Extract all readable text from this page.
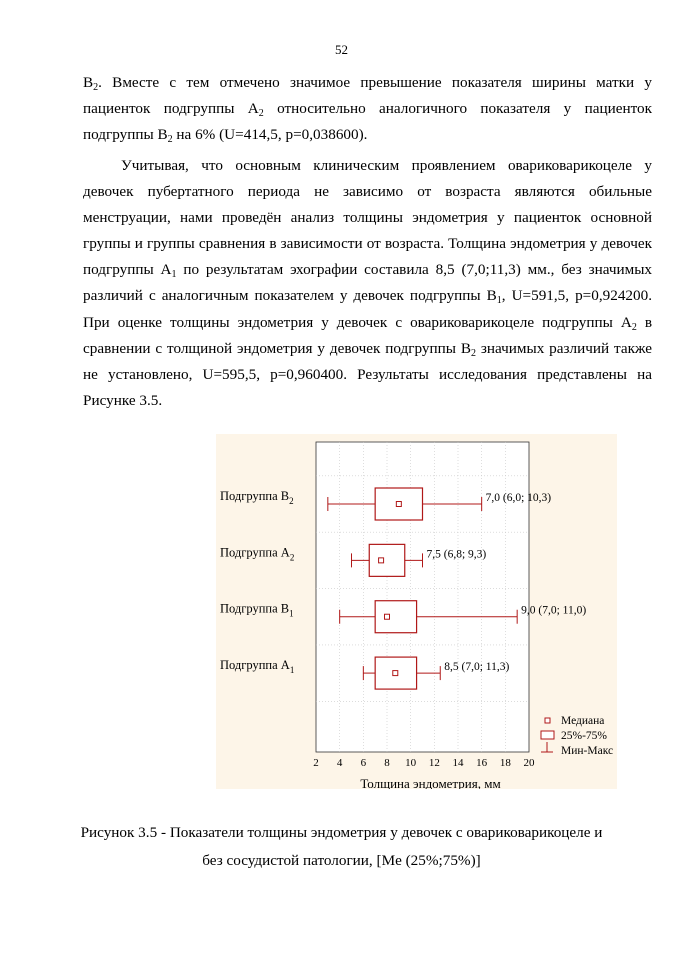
52

$B_2$. Вместе с тем отмечено значимое превышение показателя ширины матки у

пациенток подгруппы $А_2$ относительно аналогичного показателя у пациенток

подгруппы $B_2$ на 6% (U=414,5, p=0,038600).

Учитывая, что основным клиническим проявлением овариковарикоцеле у девочек пубертатного периода не зависимо от возраста являются обильные менструации, нами проведён анализ толщины эндометрия у пациенток основной группы и группы сравнения в зависимости от возраста. Толщина эндометрия у девочек подгруппы $А_1$ по результатам эхографии составила 8,5 (7,0;11,3) мм., без значимых различий с аналогичным показателем у девочек подгруппы $B_1$, U=591,5, p=0,924200. При оценке толщины эндометрия у девочек с овариковарикоцеле подгруппы $А_2$ в сравнении с толщиной эндометрия у девочек подгруппы $B_2$ значимых различий также не установлено, U=595,5, p=0,960400. Результаты исследования представлены на Рисунке 3.5.

2 4 6 8 10 12 14 16 18 20
Подгруппа $B_2$	7,0 (6,0; 10,3)
Подгруппа $А_2$	7,5 (6,8; 9,3)
Подгруппа $B_1$	9,0 (7,0; 11,0)
Подгруппа $А_1$	8,5 (7,0; 11,3)
Толщина эндометрия, мм
Медиана
25%-75%
Мин-Макс
Рисунок 3.5 - Показатели толщины эндометрия у девочек с овариковарикоцеле и
без сосудистой патологии, [Me (25%;75%)]
